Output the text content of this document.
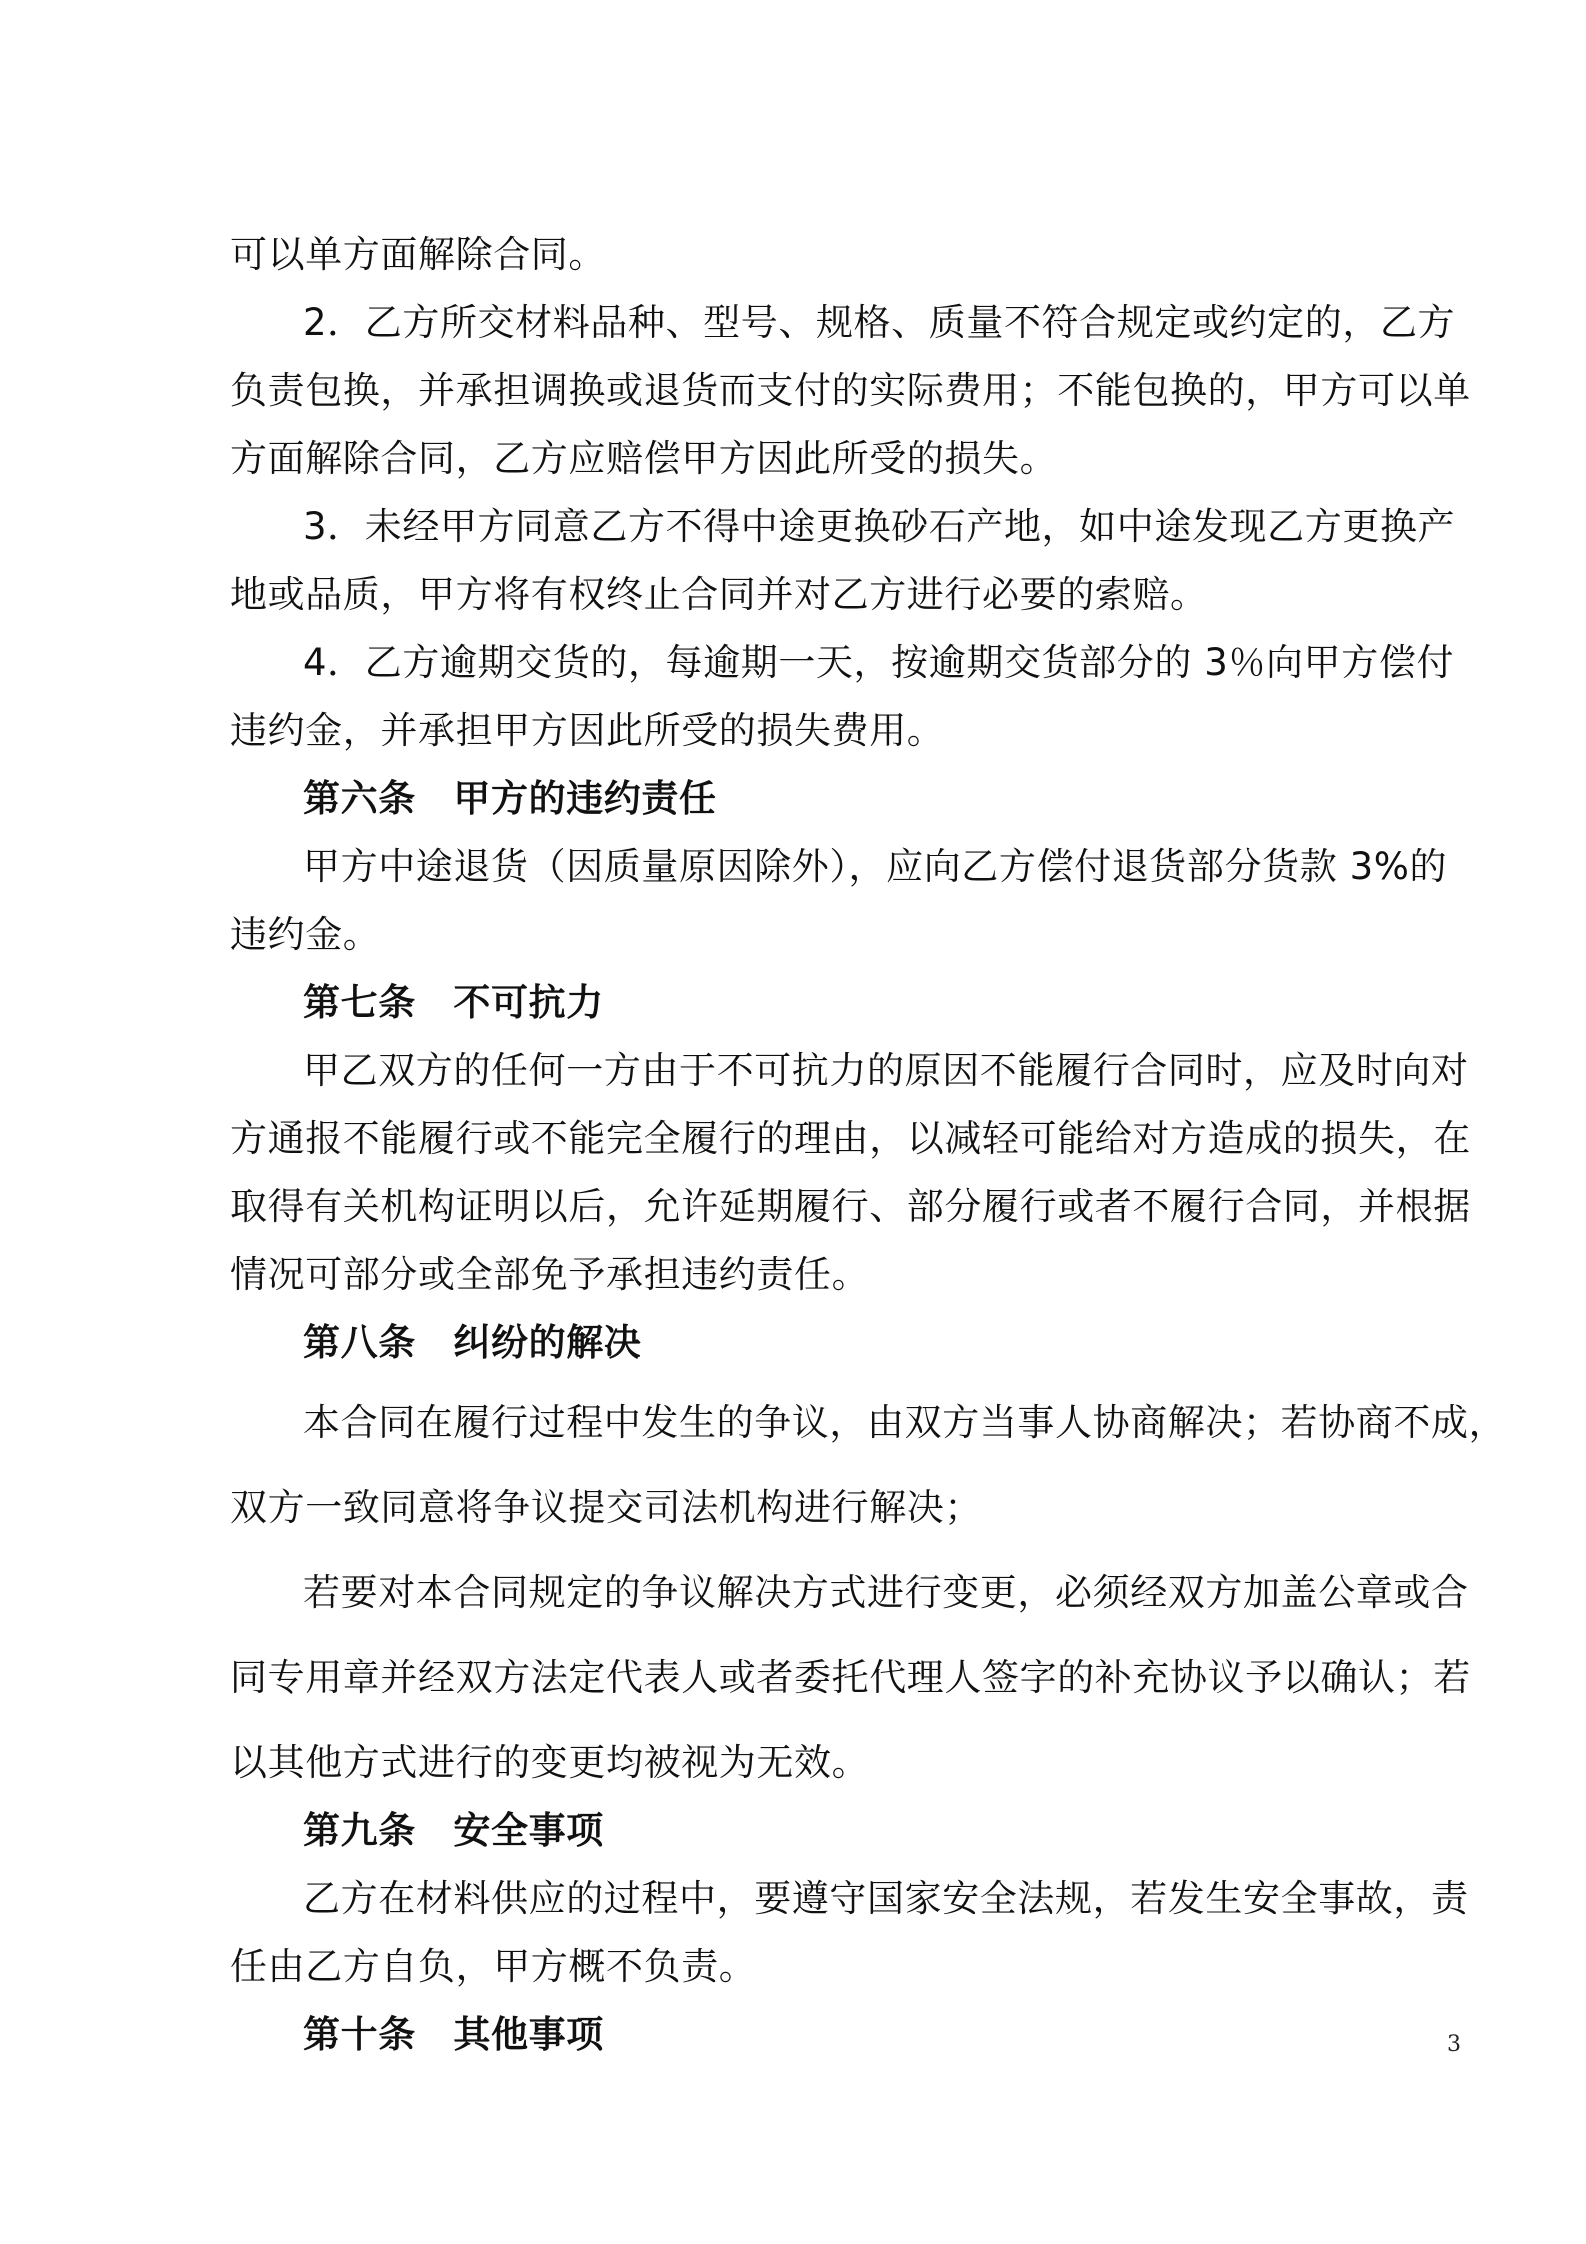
可以单方面解除合同。
2．乙方所交材料品种、型号、规格、质量不符合规定或约定的，乙方
负责包换，并承担调换或退货而支付的实际费用；不能包换的，甲方可以单
方面解除合同，乙方应赔偿甲方因此所受的损失。
3．未经甲方同意乙方不得中途更换砂石产地，如中途发现乙方更换产
地或品质，甲方将有权终止合同并对乙方进行必要的索赔。
4．乙方逾期交货的，每逾期一天，按逾期交货部分的 3％向甲方偿付
违约金，并承担甲方因此所受的损失费用。
第六条　甲方的违约责任
甲方中途退货（因质量原因除外），应向乙方偿付退货部分货款 3%的
违约金。
第七条　不可抗力
甲乙双方的任何一方由于不可抗力的原因不能履行合同时，应及时向对
方通报不能履行或不能完全履行的理由，以减轻可能给对方造成的损失，在
取得有关机构证明以后，允许延期履行、部分履行或者不履行合同，并根据
情况可部分或全部免予承担违约责任。
第八条　纠纷的解决
本合同在履行过程中发生的争议，由双方当事人协商解决；若协商不成，
双方一致同意将争议提交司法机构进行解决；
若要对本合同规定的争议解决方式进行变更，必须经双方加盖公章或合
同专用章并经双方法定代表人或者委托代理人签字的补充协议予以确认；若
以其他方式进行的变更均被视为无效。
第九条　安全事项
乙方在材料供应的过程中，要遵守国家安全法规，若发生安全事故，责
任由乙方自负，甲方概不负责。
第十条　其他事项	3
